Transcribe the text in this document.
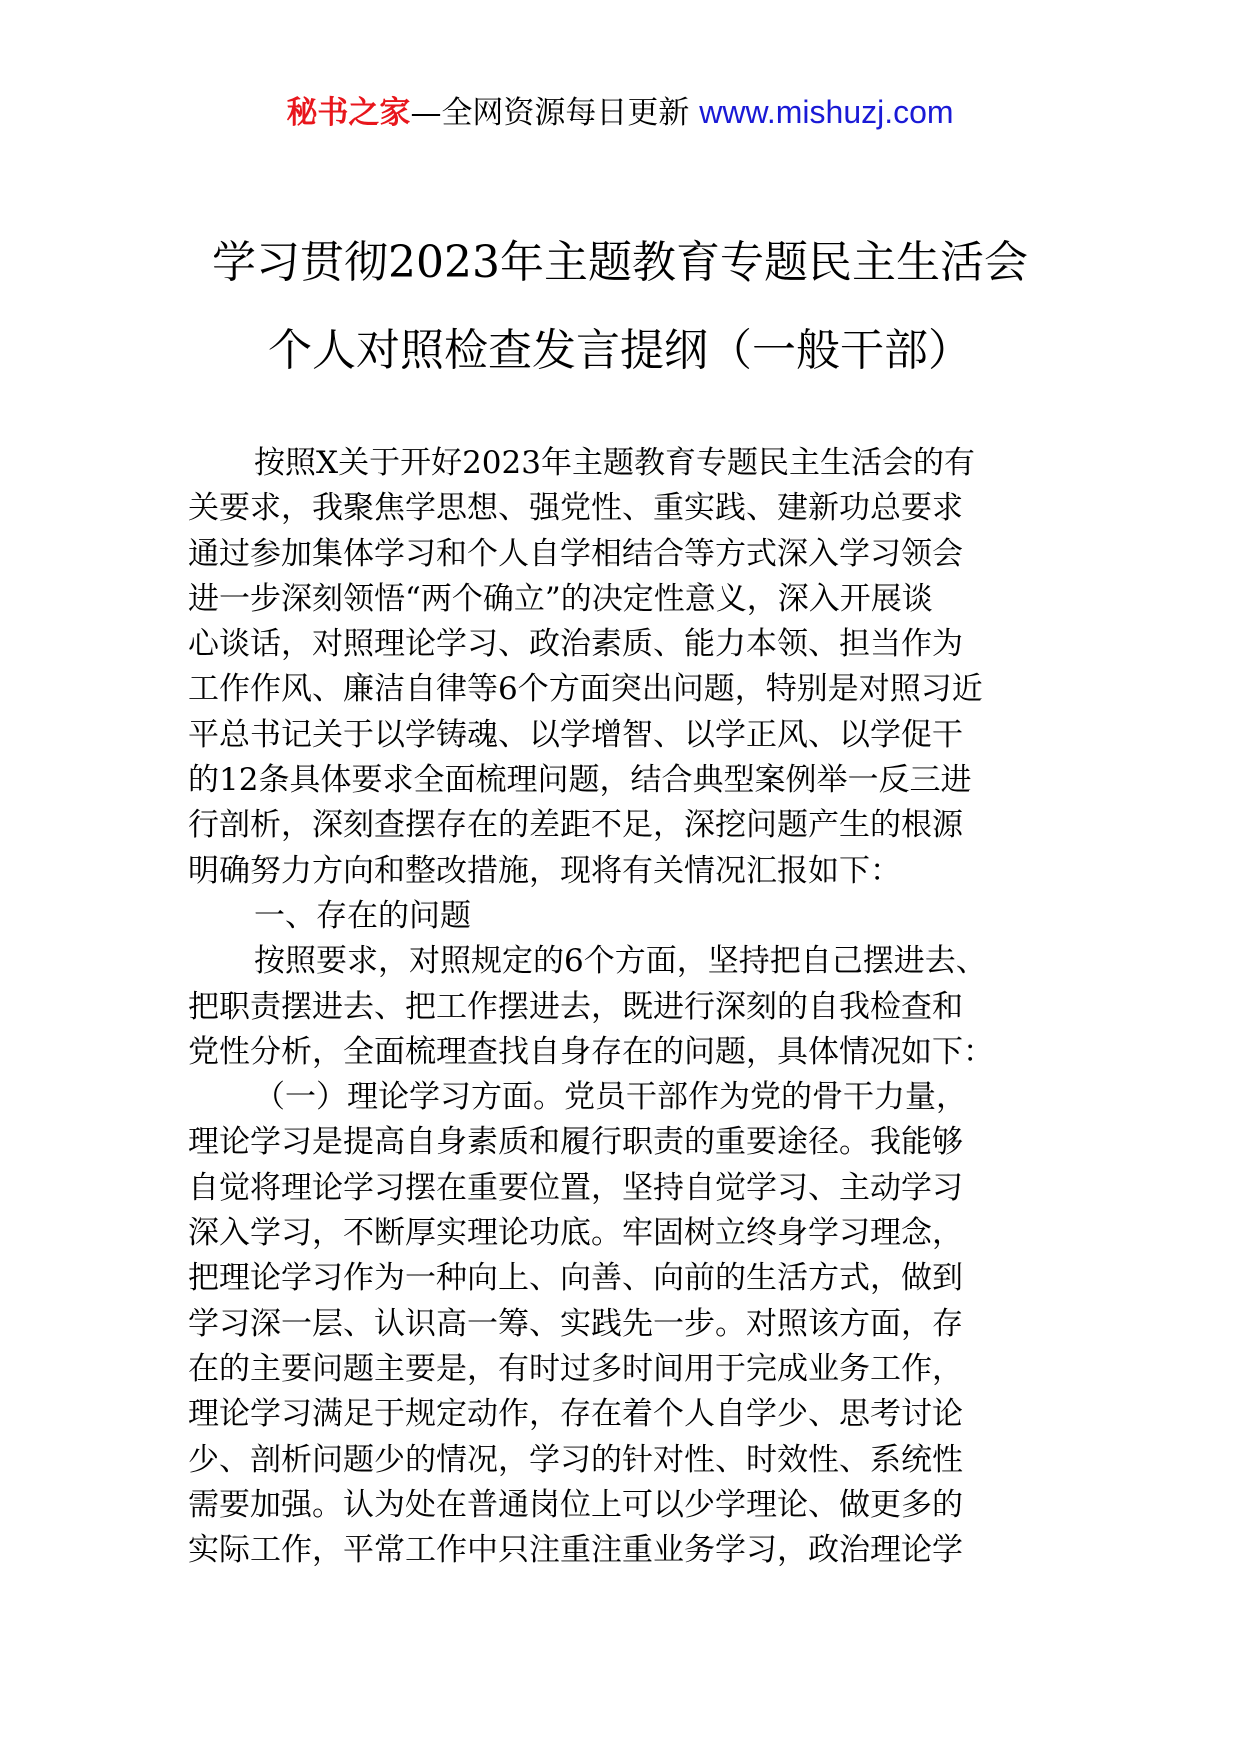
秘书之家—全网资源每日更新 www.mishuzj.com
学习贯彻2023年主题教育专题民主生活会
个人对照检查发言提纲（一般干部）
按照X关于开好2023年主题教育专题民主生活会的有
关要求，我聚焦学思想、强党性、重实践、建新功总要求
通过参加集体学习和个人自学相结合等方式深入学习领会
进一步深刻领悟“两个确立”的决定性意义，深入开展谈
心谈话，对照理论学习、政治素质、能力本领、担当作为
工作作风、廉洁自律等6个方面突出问题，特别是对照习近
平总书记关于以学铸魂、以学增智、以学正风、以学促干
的12条具体要求全面梳理问题，结合典型案例举一反三进
行剖析，深刻查摆存在的差距不足，深挖问题产生的根源
明确努力方向和整改措施，现将有关情况汇报如下：
一、存在的问题
按照要求，对照规定的6个方面，坚持把自己摆进去、
把职责摆进去、把工作摆进去，既进行深刻的自我检查和
党性分析，全面梳理查找自身存在的问题，具体情况如下：
（一）理论学习方面。党员干部作为党的骨干力量，
理论学习是提高自身素质和履行职责的重要途径。我能够
自觉将理论学习摆在重要位置，坚持自觉学习、主动学习
深入学习，不断厚实理论功底。牢固树立终身学习理念，
把理论学习作为一种向上、向善、向前的生活方式，做到
学习深一层、认识高一筹、实践先一步。对照该方面，存
在的主要问题主要是，有时过多时间用于完成业务工作，
理论学习满足于规定动作，存在着个人自学少、思考讨论
少、剖析问题少的情况，学习的针对性、时效性、系统性
需要加强。认为处在普通岗位上可以少学理论、做更多的
实际工作，平常工作中只注重注重业务学习，政治理论学
